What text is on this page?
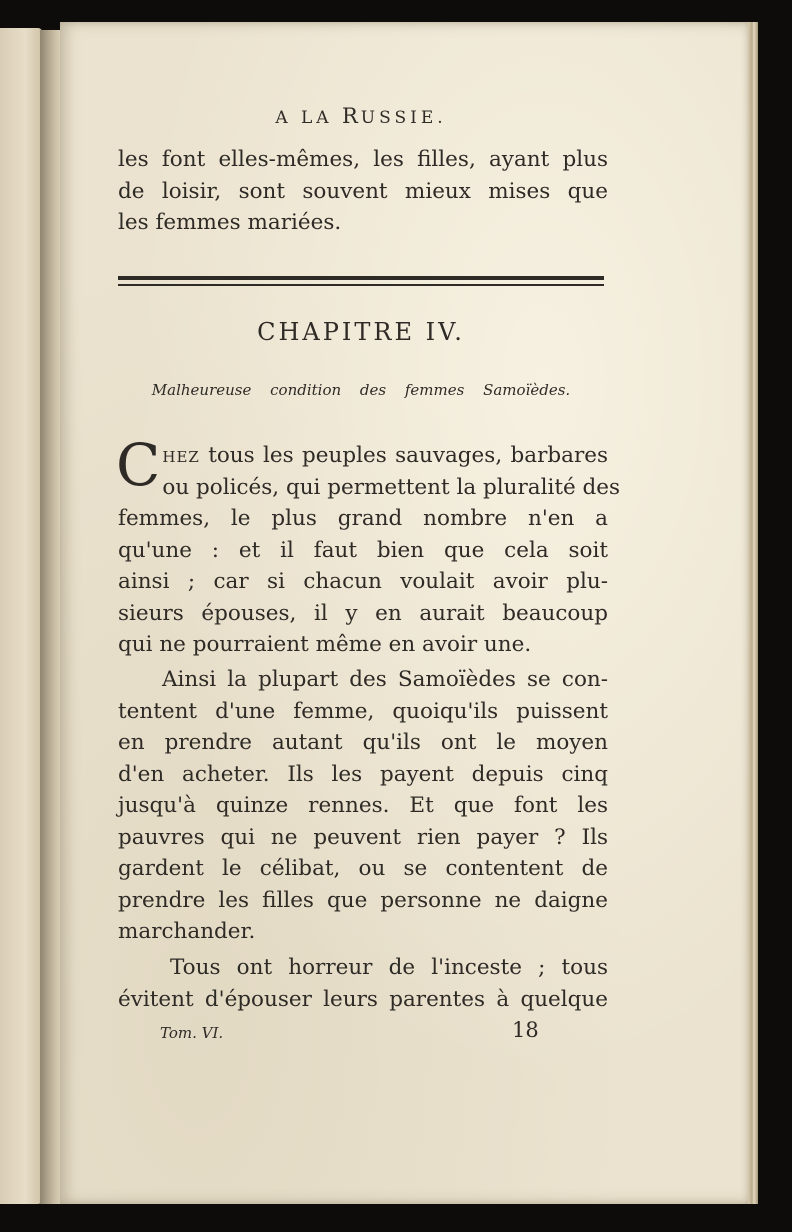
A LA RUSSIE.
les font elles-mêmes, les filles, ayant plus
de loisir, sont souvent mieux mises que
les femmes mariées.
CHAPITRE IV.
Malheureuse condition des femmes Samoïèdes.
CHEZ tous les peuples sauvages, barbares
ou policés, qui permettent la pluralité des
femmes, le plus grand nombre n'en a
qu'une : et il faut bien que cela soit
ainsi ; car si chacun voulait avoir plu-
sieurs épouses, il y en aurait beaucoup
qui ne pourraient même en avoir une.
Ainsi la plupart des Samoïèdes se con-
tentent d'une femme, quoiqu'ils puissent
en prendre autant qu'ils ont le moyen
d'en acheter. Ils les payent depuis cinq
jusqu'à quinze rennes. Et que font les
pauvres qui ne peuvent rien payer ? Ils
gardent le célibat, ou se contentent de
prendre les filles que personne ne daigne
marchander.
Tous ont horreur de l'inceste ; tous
évitent d'épouser leurs parentes à quelque
Tom. VI.	18
